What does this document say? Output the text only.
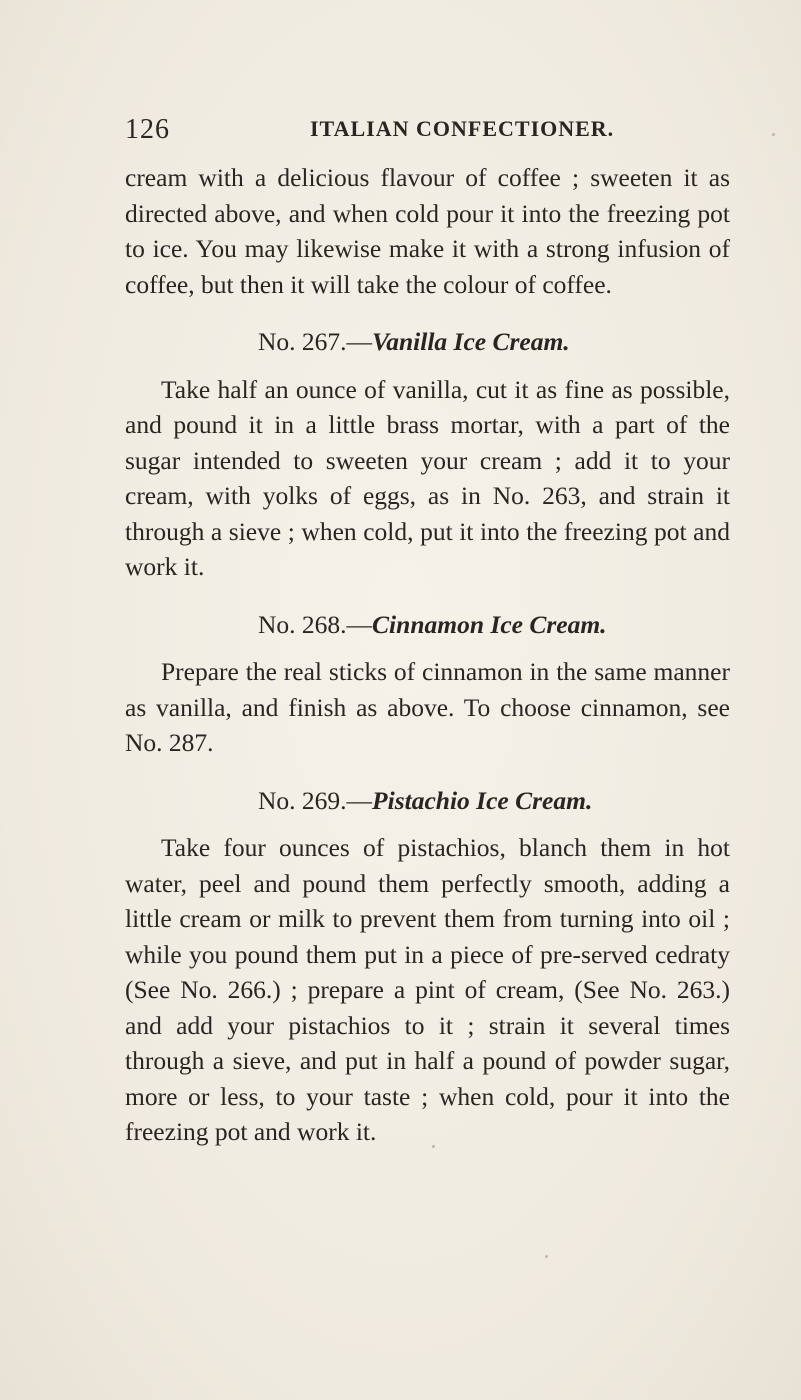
126	ITALIAN CONFECTIONER.

cream with a delicious flavour of coffee ; sweeten it as directed above, and when cold pour it into the freezing pot to ice. You may likewise make it with a strong infusion of coffee, but then it will take the colour of coffee.

No. 267.—Vanilla Ice Cream.

Take half an ounce of vanilla, cut it as fine as possible, and pound it in a little brass mortar, with a part of the sugar intended to sweeten your cream ; add it to your cream, with yolks of eggs, as in No. 263, and strain it through a sieve ; when cold, put it into the freezing pot and work it.

No. 268.—Cinnamon Ice Cream.

Prepare the real sticks of cinnamon in the same manner as vanilla, and finish as above. To choose cinnamon, see No. 287.

No. 269.—Pistachio Ice Cream.

Take four ounces of pistachios, blanch them in hot water, peel and pound them perfectly smooth, adding a little cream or milk to prevent them from turning into oil ; while you pound them put in a piece of pre-served cedraty (See No. 266.) ; prepare a pint of cream, (See No. 263.) and add your pistachios to it ; strain it several times through a sieve, and put in half a pound of powder sugar, more or less, to your taste ; when cold, pour it into the freezing pot and work it.
